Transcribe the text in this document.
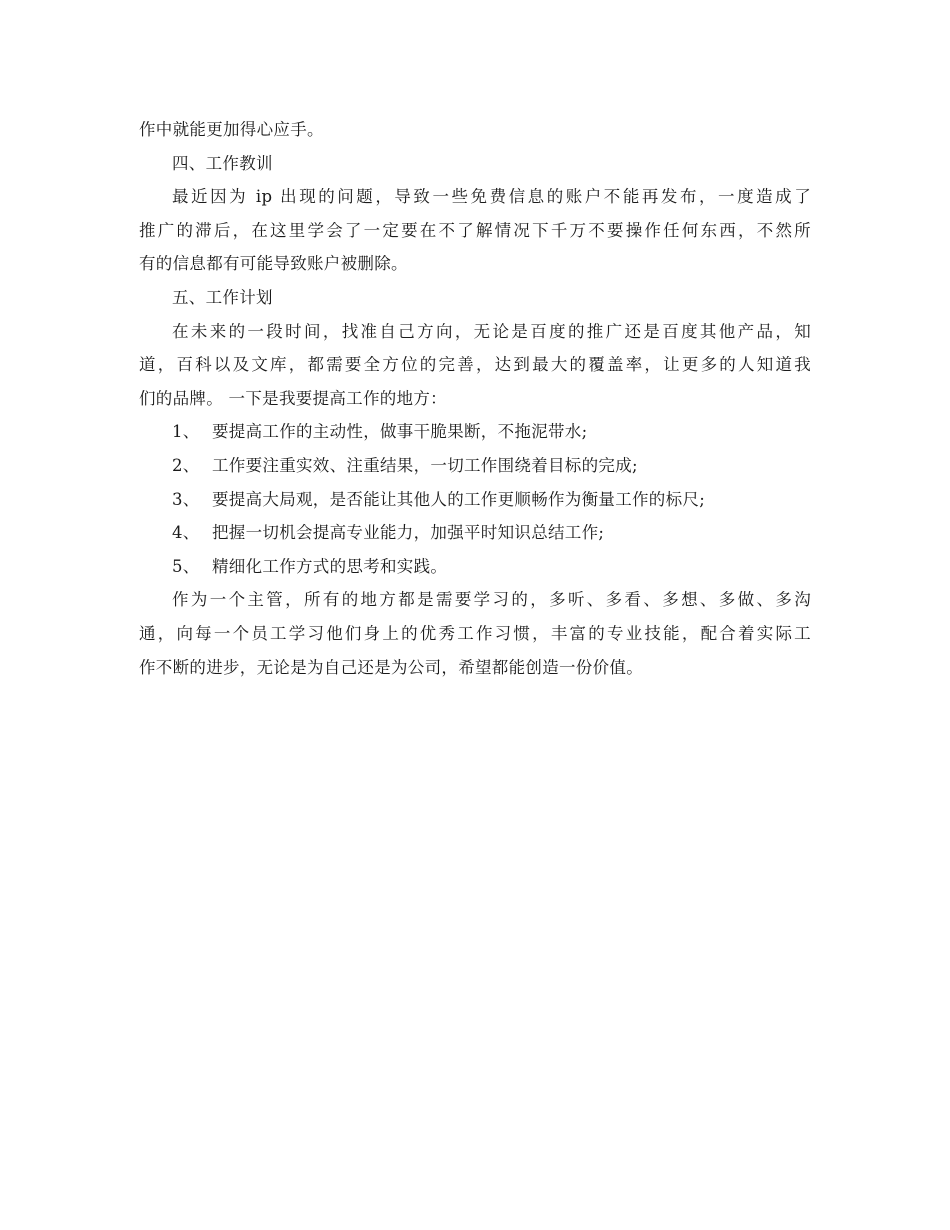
作中就能更加得心应手。
四、工作教训
最近因为 ip 出现的问题，导致一些免费信息的账户不能再发布，一度造成了
推广的滞后，在这里学会了一定要在不了解情况下千万不要操作任何东西，不然所
有的信息都有可能导致账户被删除。
五、工作计划
在未来的一段时间，找准自己方向，无论是百度的推广还是百度其他产品，知
道，百科以及文库，都需要全方位的完善，达到最大的覆盖率，让更多的人知道我
们的品牌。 一下是我要提高工作的地方：
1、 要提高工作的主动性，做事干脆果断，不拖泥带水;
2、 工作要注重实效、注重结果，一切工作围绕着目标的完成;
3、 要提高大局观，是否能让其他人的工作更顺畅作为衡量工作的标尺;
4、 把握一切机会提高专业能力，加强平时知识总结工作;
5、 精细化工作方式的思考和实践。
作为一个主管，所有的地方都是需要学习的，多听、多看、多想、多做、多沟
通，向每一个员工学习他们身上的优秀工作习惯，丰富的专业技能，配合着实际工
作不断的进步，无论是为自己还是为公司，希望都能创造一份价值。
